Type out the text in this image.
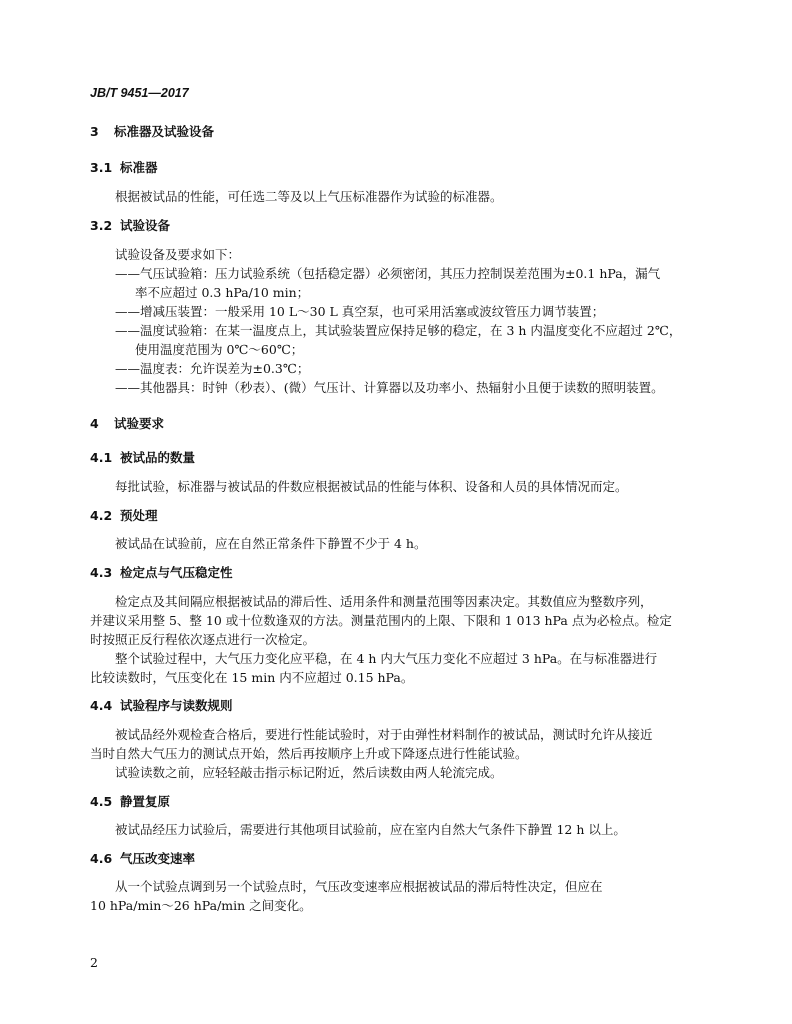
JB/T 9451—2017
3 标准器及试验设备
3.1 标准器
根据被试品的性能，可任选二等及以上气压标准器作为试验的标准器。
3.2 试验设备
试验设备及要求如下：
——气压试验箱：压力试验系统（包括稳定器）必须密闭，其压力控制误差范围为±0.1 hPa，漏气
率不应超过 0.3 hPa/10 min；
——增减压装置：一般采用 10 L～30 L 真空泵，也可采用活塞或波纹管压力调节装置；
——温度试验箱：在某一温度点上，其试验装置应保持足够的稳定，在 3 h 内温度变化不应超过 2℃，
使用温度范围为 0℃～60℃；
——温度表：允许误差为±0.3℃；
——其他器具：时钟（秒表）、(微）气压计、计算器以及功率小、热辐射小且便于读数的照明装置。
4 试验要求
4.1 被试品的数量
每批试验，标准器与被试品的件数应根据被试品的性能与体积、设备和人员的具体情况而定。
4.2 预处理
被试品在试验前，应在自然正常条件下静置不少于 4 h。
4.3 检定点与气压稳定性
检定点及其间隔应根据被试品的滞后性、适用条件和测量范围等因素决定。其数值应为整数序列，
并建议采用整 5、整 10 或十位数逢双的方法。测量范围内的上限、下限和 1 013 hPa 点为必检点。检定
时按照正反行程依次逐点进行一次检定。
整个试验过程中，大气压力变化应平稳，在 4 h 内大气压力变化不应超过 3 hPa。在与标准器进行
比较读数时，气压变化在 15 min 内不应超过 0.15 hPa。
4.4 试验程序与读数规则
被试品经外观检查合格后，要进行性能试验时，对于由弹性材料制作的被试品，测试时允许从接近
当时自然大气压力的测试点开始，然后再按顺序上升或下降逐点进行性能试验。
试验读数之前，应轻轻敲击指示标记附近，然后读数由两人轮流完成。
4.5 静置复原
被试品经压力试验后，需要进行其他项目试验前，应在室内自然大气条件下静置 12 h 以上。
4.6 气压改变速率
从一个试验点调到另一个试验点时，气压改变速率应根据被试品的滞后特性决定，但应在
10 hPa/min～26 hPa/min 之间变化。
2
